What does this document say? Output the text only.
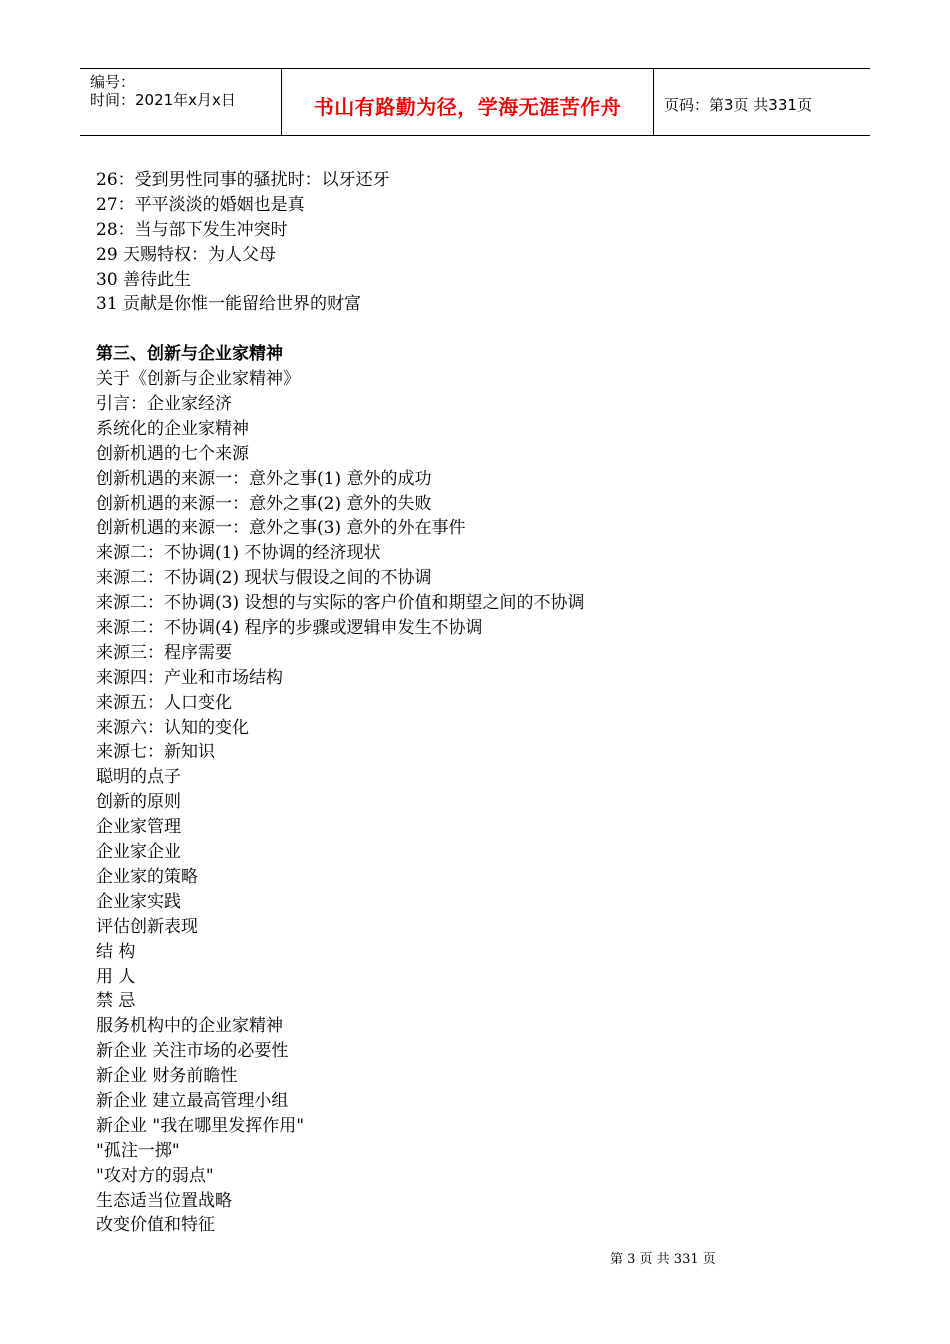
编号：
时间：2021年x月x日	书山有路勤为径，学海无涯苦作舟	页码：第3页 共331页
26：受到男性同事的骚扰时：以牙还牙
27：平平淡淡的婚姻也是真
28：当与部下发生冲突时
29 天赐特权：为人父母
30 善待此生
31 贡献是你惟一能留给世界的财富
第三、创新与企业家精神
关于《创新与企业家精神》
引言：企业家经济
系统化的企业家精神
创新机遇的七个来源
创新机遇的来源一：意外之事(1) 意外的成功
创新机遇的来源一：意外之事(2) 意外的失败
创新机遇的来源一：意外之事(3) 意外的外在事件
来源二：不协调(1) 不协调的经济现状
来源二：不协调(2) 现状与假设之间的不协调
来源二：不协调(3) 设想的与实际的客户价值和期望之间的不协调
来源二：不协调(4) 程序的步骤或逻辑申发生不协调
来源三：程序需要
来源四：产业和市场结构
来源五：人口变化
来源六：认知的变化
来源七：新知识
聪明的点子
创新的原则
企业家管理
企业家企业
企业家的策略
企业家实践
评估创新表现
结 构
用 人
禁 忌
服务机构中的企业家精神
新企业 关注市场的必要性
新企业 财务前瞻性
新企业 建立最高管理小组
新企业 "我在哪里发挥作用"
"孤注一掷"
"攻对方的弱点"
生态适当位置战略
改变价值和特征
第 3 页 共 331 页
